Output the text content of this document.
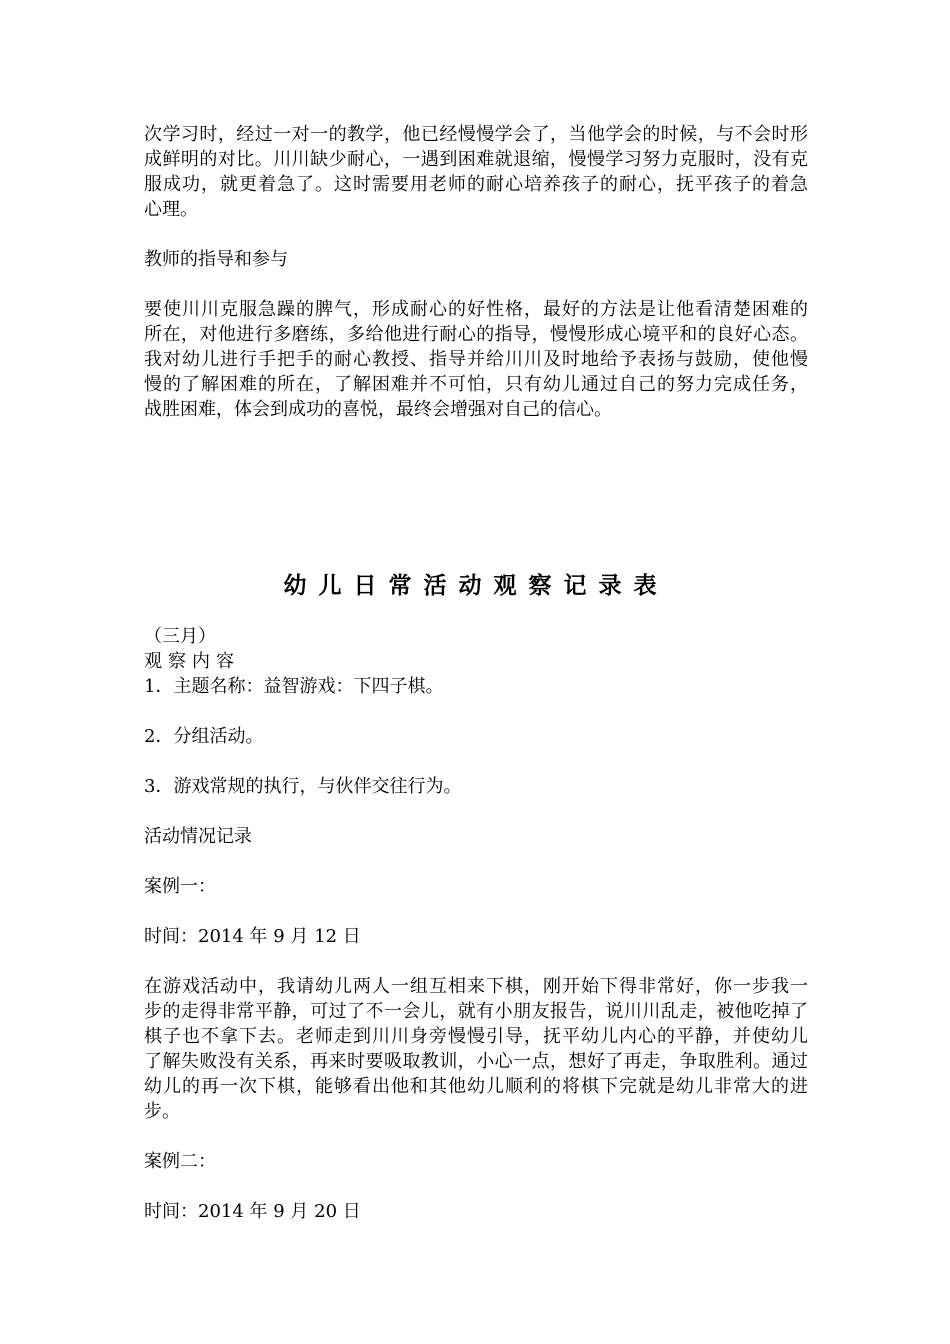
次学习时，经过一对一的教学，他已经慢慢学会了，当他学会的时候，与不会时形
成鲜明的对比。川川缺少耐心，一遇到困难就退缩，慢慢学习努力克服时，没有克
服成功，就更着急了。这时需要用老师的耐心培养孩子的耐心，抚平孩子的着急
心理。

教师的指导和参与

要使川川克服急躁的脾气，形成耐心的好性格，最好的方法是让他看清楚困难的
所在，对他进行多磨练，多给他进行耐心的指导，慢慢形成心境平和的良好心态。
我对幼儿进行手把手的耐心教授、指导并给川川及时地给予表扬与鼓励，使他慢
慢的了解困难的所在，了解困难并不可怕，只有幼儿通过自己的努力完成任务，
战胜困难，体会到成功的喜悦，最终会增强对自己的信心。
幼儿日常活动观察记录表

（三月）

观察内容

1．主题名称：益智游戏：下四子棋。

2．分组活动。

3．游戏常规的执行，与伙伴交往行为。

活动情况记录

案例一：

时间：2014 年 9 月 12 日

在游戏活动中，我请幼儿两人一组互相来下棋，刚开始下得非常好，你一步我一
步的走得非常平静，可过了不一会儿，就有小朋友报告，说川川乱走，被他吃掉了
棋子也不拿下去。老师走到川川身旁慢慢引导，抚平幼儿内心的平静，并使幼儿
了解失败没有关系，再来时要吸取教训，小心一点，想好了再走，争取胜利。通过
幼儿的再一次下棋，能够看出他和其他幼儿顺利的将棋下完就是幼儿非常大的进
步。

案例二：

时间：2014 年 9 月 20 日
